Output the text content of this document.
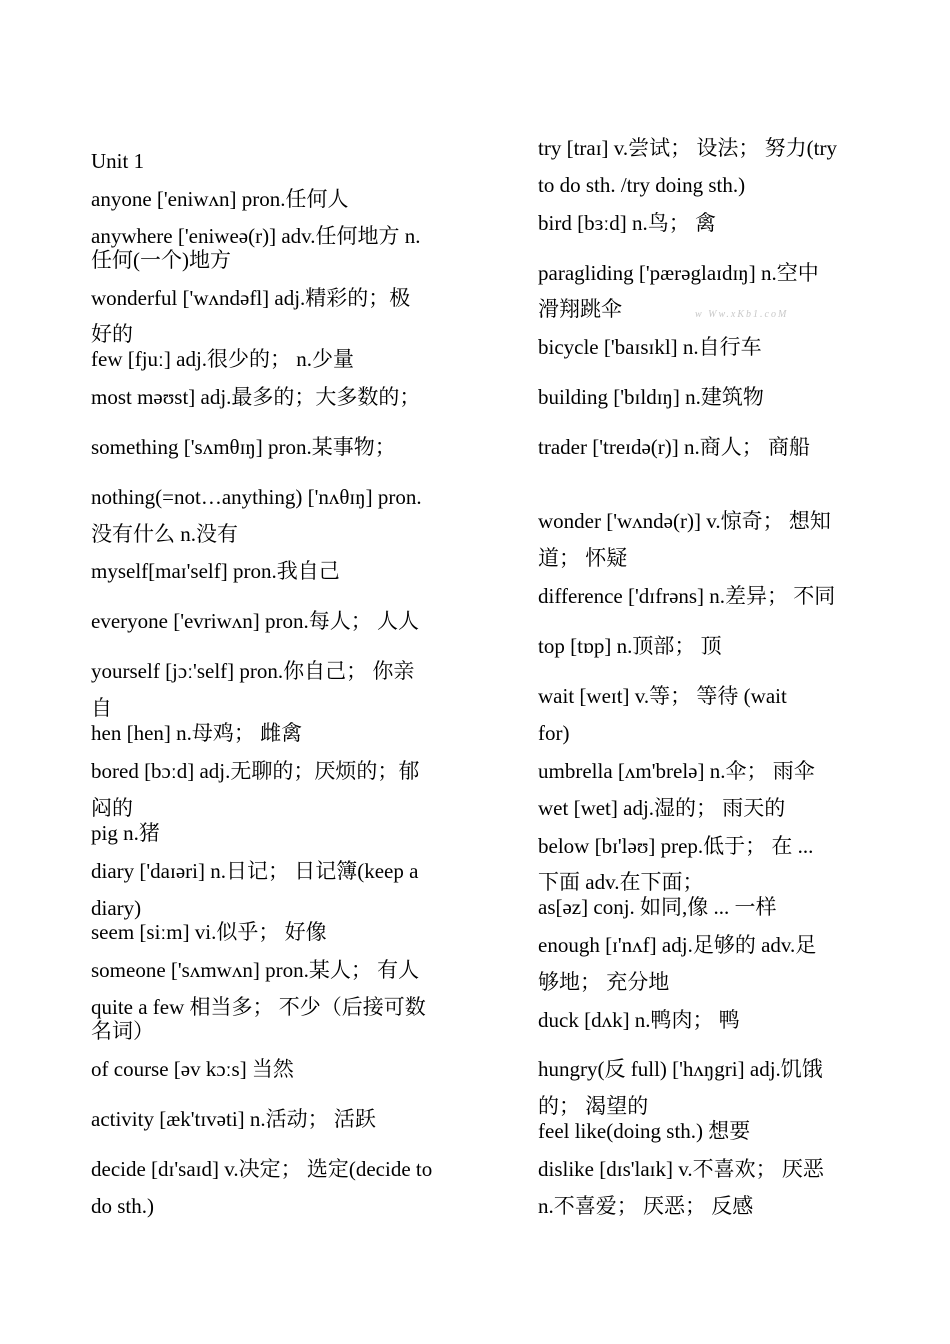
Unit 1
anyone ['eniwʌn] pron.任何人
anywhere ['eniweə(r)] adv.任何地方 n.
任何(一个)地方
wonderful ['wʌndəfl] adj.精彩的；极
好的
few [fjuː] adj.很少的； n.少量
most məʊst] adj.最多的；大多数的；
something ['sʌmθɪŋ] pron.某事物；
nothing(=not…anything) ['nʌθɪŋ] pron.
没有什么 n.没有
myself[maɪ'self] pron.我自己
everyone ['evriwʌn] pron.每人； 人人
yourself [jɔː'self] pron.你自己； 你亲
自
hen [hen] n.母鸡； 雌禽
bored [bɔːd] adj.无聊的；厌烦的；郁
闷的
pig n.猪
diary ['daɪəri] n.日记； 日记簿(keep a
diary)
seem [siːm] vi.似乎； 好像
someone ['sʌmwʌn] pron.某人； 有人
quite a few 相当多； 不少（后接可数
名词）
of course [əv kɔːs] 当然
activity [æk'tɪvəti] n.活动； 活跃
decide [dɪ'saɪd] v.决定； 选定(decide to
do sth.)
try [traɪ] v.尝试； 设法； 努力(try
to do sth. /try doing sth.)
bird [bɜːd] n.鸟； 禽
paragliding ['pærəglaɪdɪŋ] n.空中
滑翔跳伞
bicycle ['baɪsɪkl] n.自行车
building ['bɪldɪŋ] n.建筑物
trader ['treɪdə(r)] n.商人； 商船
wonder ['wʌndə(r)] v.惊奇； 想知
道； 怀疑
difference ['dɪfrəns] n.差异； 不同
top [tɒp] n.顶部； 顶
wait [weɪt] v.等； 等待 (wait
for)
umbrella [ʌm'brelə] n.伞； 雨伞
wet [wet] adj.湿的； 雨天的
below [bɪ'ləʊ] prep.低于； 在 ...
下面 adv.在下面；
as[əz] conj. 如同,像 ... 一样
enough [ɪ'nʌf] adj.足够的 adv.足
够地； 充分地
duck [dʌk] n.鸭肉； 鸭
hungry(反 full) ['hʌŋgri] adj.饥饿
的； 渴望的
feel like(doing sth.) 想要
dislike [dɪs'laɪk] v.不喜欢； 厌恶
n.不喜爱； 厌恶； 反感
w Ww.xKb1.coM
